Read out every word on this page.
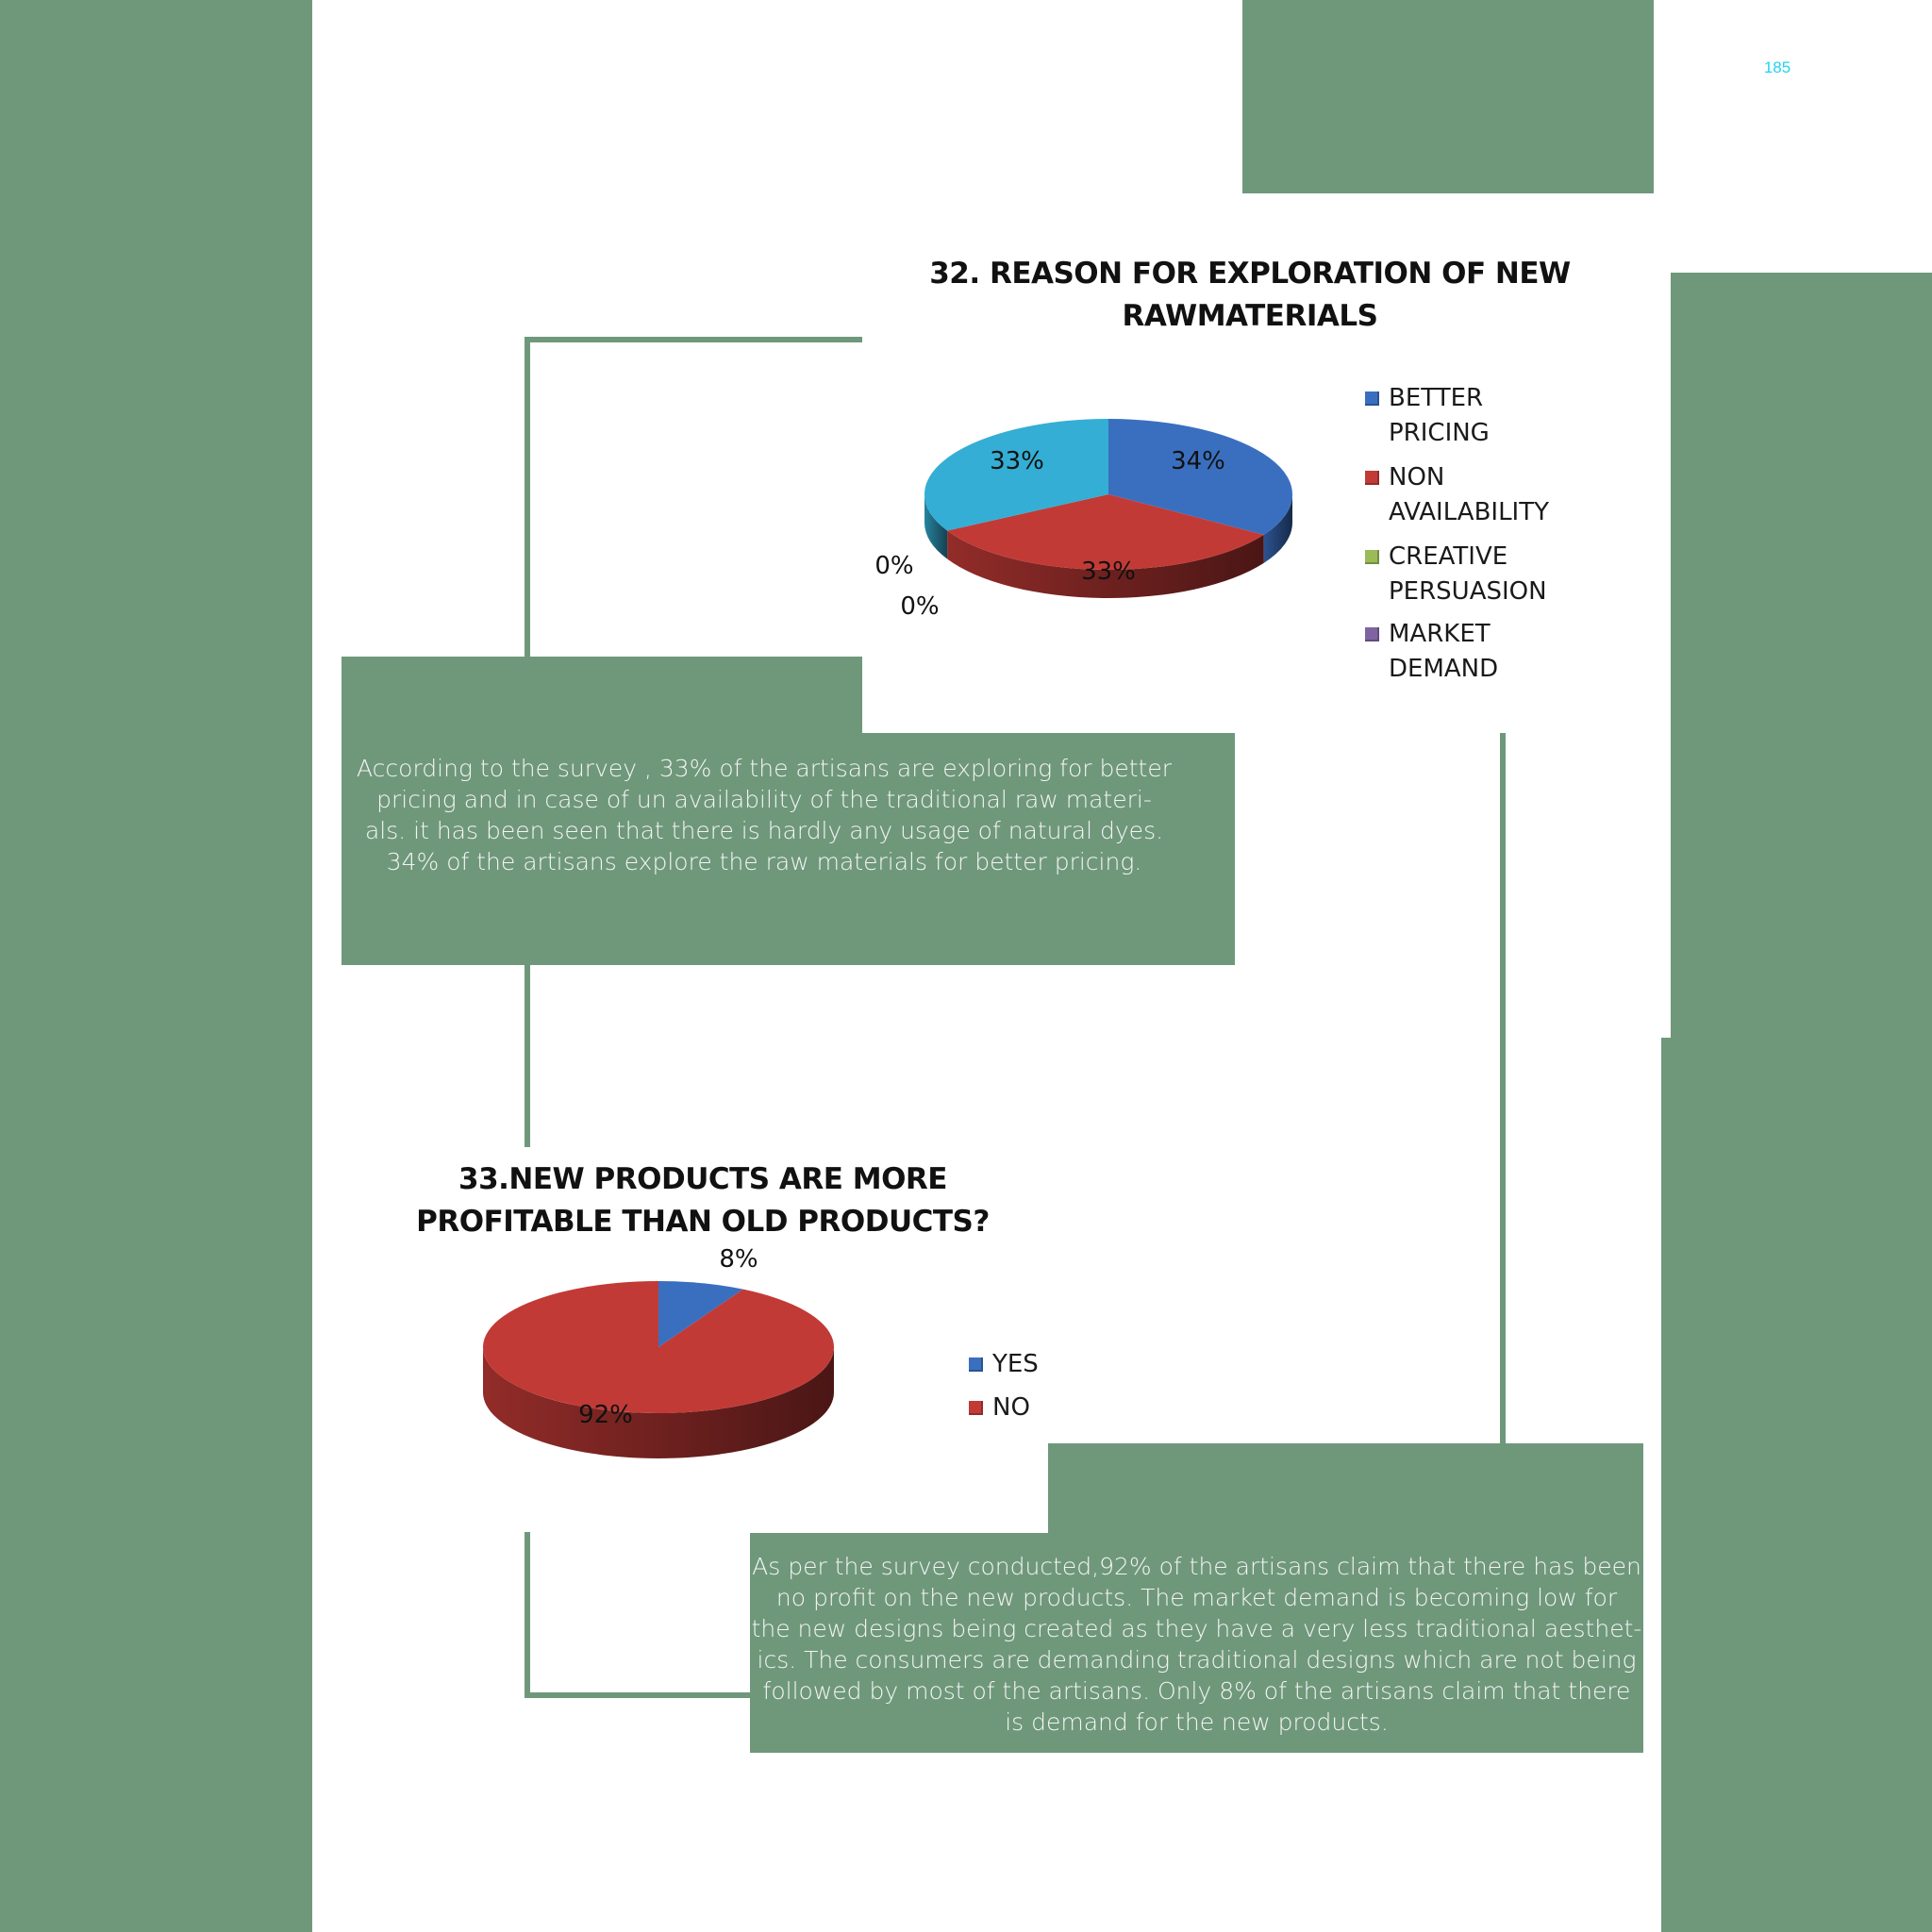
According to the survey , 33% of the artisans are exploring for better
pricing and in case of un availability of the traditional raw materi-
als. it has been seen that there is hardly any usage of natural dyes.
34% of the artisans explore the raw materials for better pricing.
As per the survey conducted,92% of the artisans claim that there has been
no profit on the new products. The market demand is becoming low for
the new designs being created as they have a very less traditional aesthet-
ics. The consumers are demanding traditional designs which are not being
followed by most of the artisans. Only 8% of the artisans claim that there
is demand for the new products.
185
32. REASON FOR EXPLORATION OF NEW
RAWMATERIALS
34%
33%
0%
0%
33%
BETTER PRICING
NON AVAILABILITY
CREATIVE
PERSUASION
MARKET DEMAND
33.NEW PRODUCTS ARE MORE
PROFITABLE THAN OLD PRODUCTS?
8%
92%
YES
NO
